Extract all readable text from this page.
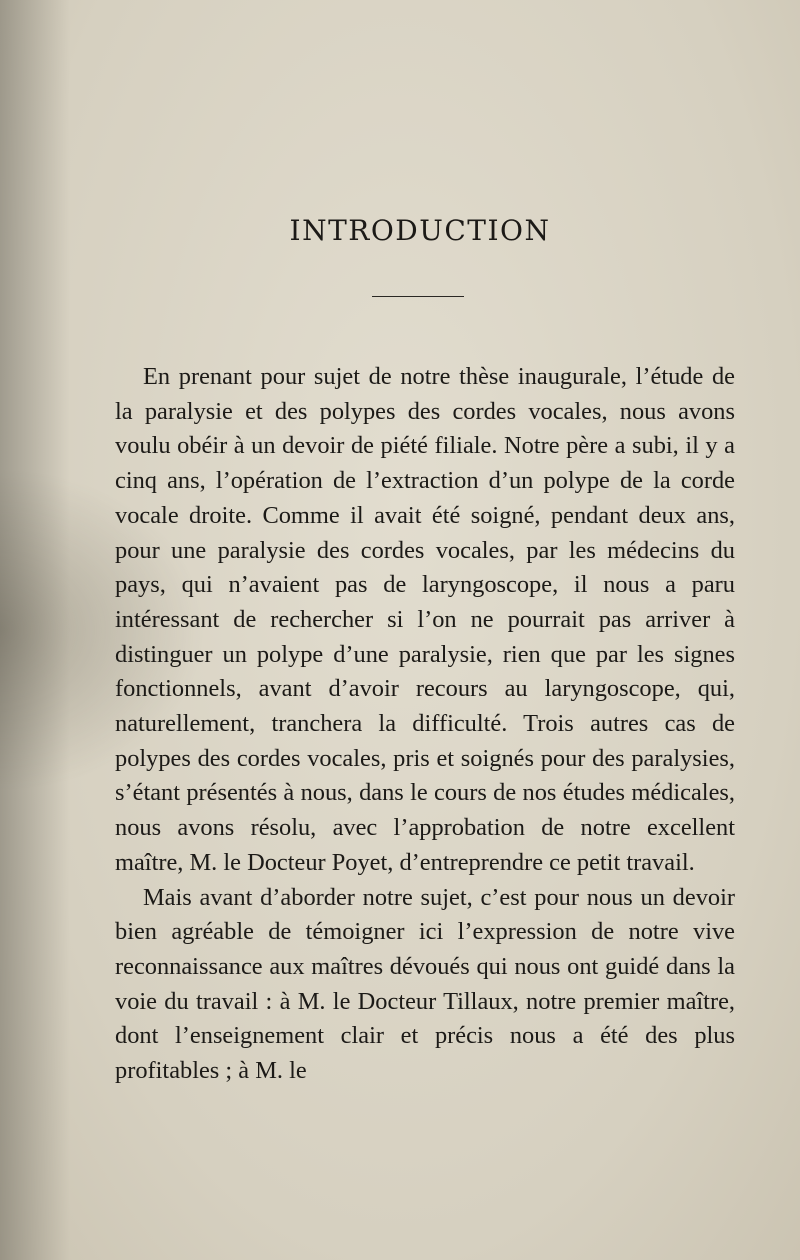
INTRODUCTION

En prenant pour sujet de notre thèse inaugurale, l’étude de la paralysie et des polypes des cordes vocales, nous avons voulu obéir à un devoir de piété filiale. Notre père a subi, il y a cinq ans, l’opération de l’extraction d’un polype de la corde vocale droite. Comme il avait été soigné, pendant deux ans, pour une paralysie des cordes vocales, par les médecins du pays, qui n’avaient pas de laryngoscope, il nous a paru intéressant de rechercher si l’on ne pourrait pas arriver à distinguer un polype d’une paralysie, rien que par les signes fonctionnels, avant d’avoir recours au laryngoscope, qui, naturellement, tranchera la difficulté. Trois autres cas de polypes des cordes vocales, pris et soignés pour des paralysies, s’étant présentés à nous, dans le cours de nos études médicales, nous avons résolu, avec l’approbation de notre excellent maître, M. le Docteur Poyet, d’entreprendre ce petit travail.

Mais avant d’aborder notre sujet, c’est pour nous un devoir bien agréable de témoigner ici l’expression de notre vive reconnaissance aux maîtres dévoués qui nous ont guidé dans la voie du travail : à M. le Docteur Tillaux, notre premier maître, dont l’enseignement clair et précis nous a été des plus profitables ; à M. le
